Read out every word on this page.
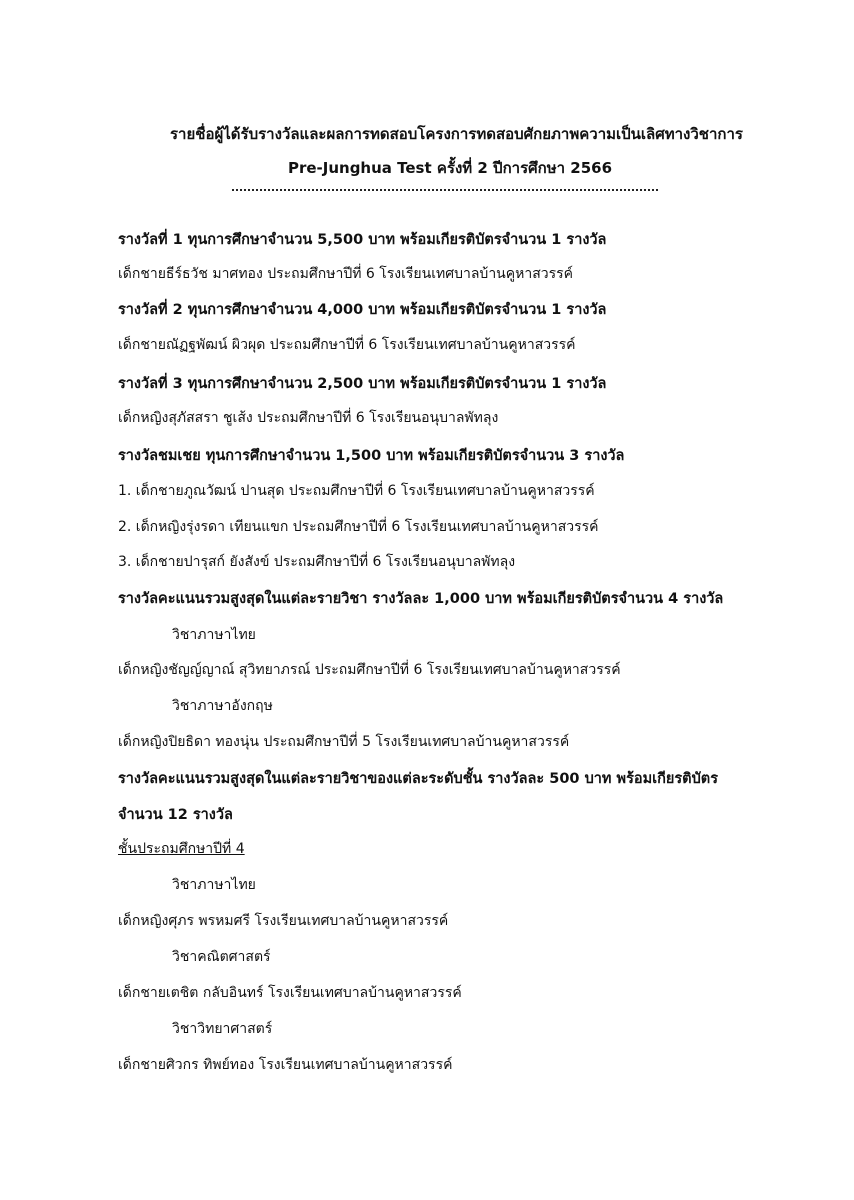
รายชื่อผู้ได้รับรางวัลและผลการทดสอบโครงการทดสอบศักยภาพความเป็นเลิศทางวิชาการ
Pre-Junghua Test ครั้งที่ 2 ปีการศึกษา 2566
รางวัลที่ 1 ทุนการศึกษาจำนวน 5,500 บาท พร้อมเกียรติบัตรจำนวน 1 รางวัล
เด็กชายธีร์ธวัช มาศทอง ประถมศึกษาปีที่ 6 โรงเรียนเทศบาลบ้านคูหาสวรรค์
รางวัลที่ 2 ทุนการศึกษาจำนวน 4,000 บาท พร้อมเกียรติบัตรจำนวน 1 รางวัล
เด็กชายณัฏฐพัฒน์ ผิวผุด ประถมศึกษาปีที่ 6 โรงเรียนเทศบาลบ้านคูหาสวรรค์
รางวัลที่ 3 ทุนการศึกษาจำนวน 2,500 บาท พร้อมเกียรติบัตรจำนวน 1 รางวัล
เด็กหญิงสุภัสสรา ชูเส้ง ประถมศึกษาปีที่ 6 โรงเรียนอนุบาลพัทลุง
รางวัลชมเชย ทุนการศึกษาจำนวน 1,500 บาท พร้อมเกียรติบัตรจำนวน 3 รางวัล
1. เด็กชายภูณวัฒน์ ปานสุด ประถมศึกษาปีที่ 6 โรงเรียนเทศบาลบ้านคูหาสวรรค์
2. เด็กหญิงรุ่งรดา เทียนแขก ประถมศึกษาปีที่ 6 โรงเรียนเทศบาลบ้านคูหาสวรรค์
3. เด็กชายปารุสก์ ยังสังข์ ประถมศึกษาปีที่ 6 โรงเรียนอนุบาลพัทลุง
รางวัลคะแนนรวมสูงสุดในแต่ละรายวิชา รางวัลละ 1,000 บาท พร้อมเกียรติบัตรจำนวน 4 รางวัล
วิชาภาษาไทย
เด็กหญิงชัญญ์ญาณ์ สุวิทยาภรณ์ ประถมศึกษาปีที่ 6 โรงเรียนเทศบาลบ้านคูหาสวรรค์
วิชาภาษาอังกฤษ
เด็กหญิงปิยธิดา ทองนุ่น ประถมศึกษาปีที่ 5 โรงเรียนเทศบาลบ้านคูหาสวรรค์
รางวัลคะแนนรวมสูงสุดในแต่ละรายวิชาของแต่ละระดับชั้น รางวัลละ 500 บาท พร้อมเกียรติบัตร
จำนวน 12 รางวัล
ชั้นประถมศึกษาปีที่ 4
วิชาภาษาไทย
เด็กหญิงศุภร พรหมศรี โรงเรียนเทศบาลบ้านคูหาสวรรค์
วิชาคณิตศาสตร์
เด็กชายเตชิต กลับอินทร์ โรงเรียนเทศบาลบ้านคูหาสวรรค์
วิชาวิทยาศาสตร์
เด็กชายศิวกร ทิพย์ทอง โรงเรียนเทศบาลบ้านคูหาสวรรค์
